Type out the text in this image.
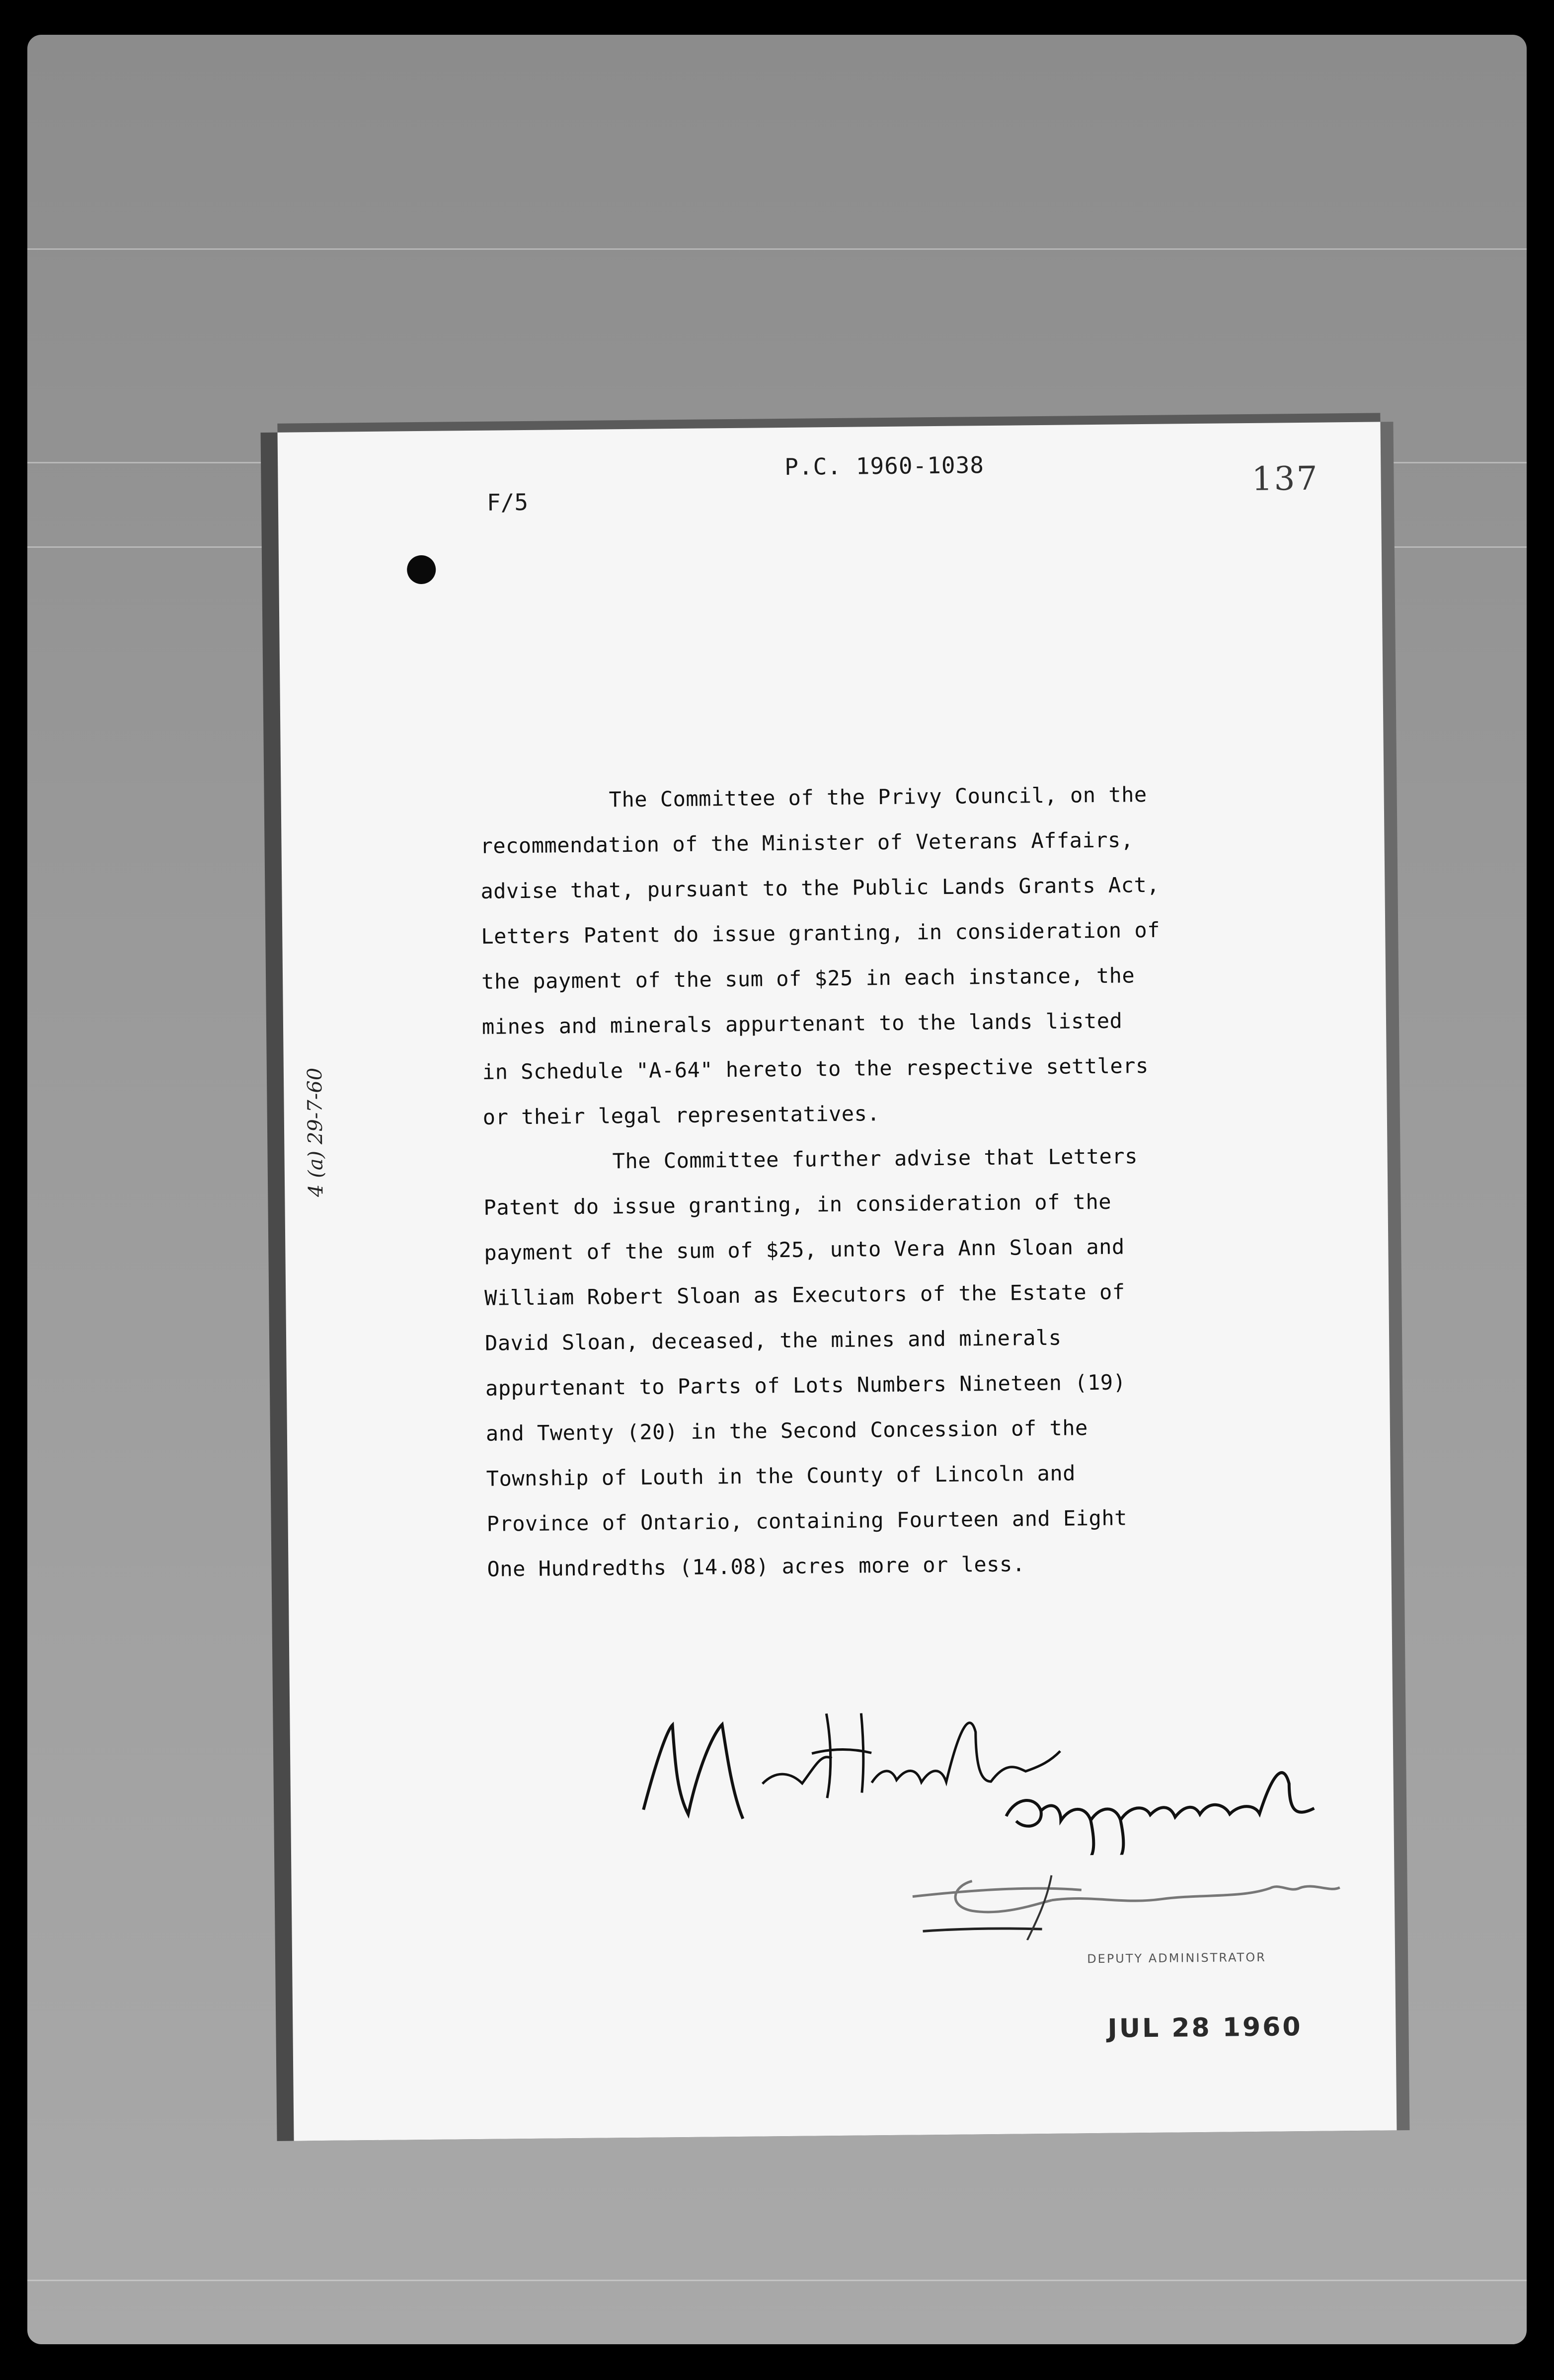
P.C. 1960-1038
F/5
137
4 (a) 29-7-60

The Committee of the Privy Council, on the
recommendation of the Minister of Veterans Affairs,
advise that, pursuant to the Public Lands Grants Act,
Letters Patent do issue granting, in consideration of
the payment of the sum of $25 in each instance, the
mines and minerals appurtenant to the lands listed
in Schedule "A-64" hereto to the respective settlers
or their legal representatives.

The Committee further advise that Letters
Patent do issue granting, in consideration of the
payment of the sum of $25, unto Vera Ann Sloan and
William Robert Sloan as Executors of the Estate of
David Sloan, deceased, the mines and minerals
appurtenant to Parts of Lots Numbers Nineteen (19)
and Twenty (20) in the Second Concession of the
Township of Louth in the County of Lincoln and
Province of Ontario, containing Fourteen and Eight
One Hundredths (14.08) acres more or less.

DEPUTY ADMINISTRATOR
JUL 28 1960
